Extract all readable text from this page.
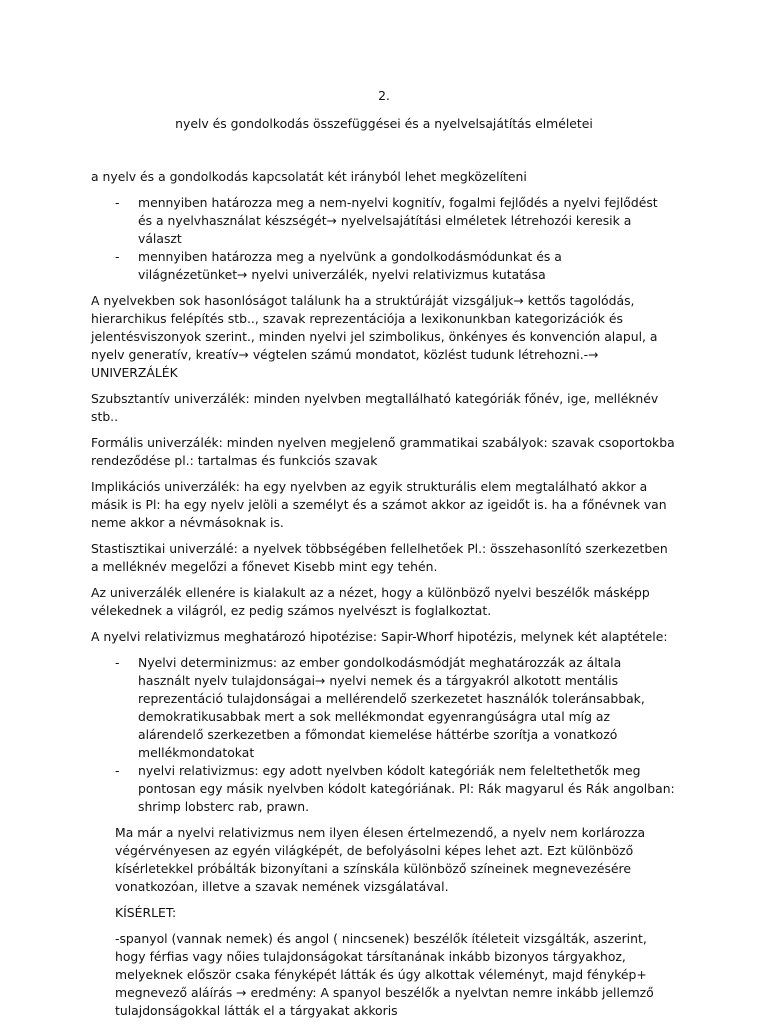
2.
nyelv és gondolkodás összefüggései és a nyelvelsajátítás elméletei

a nyelv és a gondolkodás kapcsolatát két irányból lehet megközelíteni

- mennyiben határozza meg a nem-nyelvi kognitív, fogalmi fejlődés a nyelvi fejlődést és a nyelvhasználat készségét→ nyelvelsajátítási elméletek létrehozói keresik a választ
- mennyiben határozza meg a nyelvünk a gondolkodásmódunkat és a világnézetünket→ nyelvi univerzálék, nyelvi relativizmus kutatása

A nyelvekben sok hasonlóságot találunk ha a struktúráját vizsgáljuk→ kettős tagolódás, hierarchikus felépítés stb.., szavak reprezentációja a lexikonunkban kategorizációk és jelentésviszonyok szerint., minden nyelvi jel szimbolikus, önkényes és konvención alapul, a nyelv generatív, kreatív→ végtelen számú mondatot, közlést tudunk létrehozni.-→ UNIVERZÁLÉK

Szubsztantív univerzálék: minden nyelvben megtallálható kategóriák főnév, ige, melléknév stb..

Formális univerzálék: minden nyelven megjelenő grammatikai szabályok: szavak csoportokba rendeződése pl.: tartalmas és funkciós szavak

Implikációs univerzálék: ha egy nyelvben az egyik strukturális elem megtalálható akkor a másik is Pl: ha egy nyelv jelöli a személyt és a számot akkor az igeidőt is. ha a főnévnek van neme akkor a névmásoknak is.

Stastisztikai univerzálé: a nyelvek többségében fellelhetőek Pl.: összehasonlító szerkezetben a melléknév megelőzi a főnevet Kisebb mint egy tehén.

Az univerzálék ellenére is kialakult az a nézet, hogy a különböző nyelvi beszélők másképp vélekednek a világról, ez pedig számos nyelvészt is foglalkoztat.

A nyelvi relativizmus meghatározó hipotézise: Sapir-Whorf hipotézis, melynek két alaptétele:

- Nyelvi determinizmus: az ember gondolkodásmódját meghatározzák az általa használt nyelv tulajdonságai→ nyelvi nemek és a tárgyakról alkotott mentális reprezentáció tulajdonságai a mellérendelő szerkezetet használók toleránsabbak, demokratikusabbak mert a sok mellékmondat egyenrangúságra utal míg az alárendelő szerkezetben a főmondat kiemelése háttérbe szorítja a vonatkozó mellékmondatokat
- nyelvi relativizmus: egy adott nyelvben kódolt kategóriák nem feleltethetők meg pontosan egy másik nyelvben kódolt kategóriának. Pl: Rák magyarul és Rák angolban: shrimp lobsterc rab, prawn.

Ma már a nyelvi relativizmus nem ilyen élesen értelmezendő, a nyelv nem korlározza végérvényesen az egyén világképét, de befolyásolni képes lehet azt. Ezt különböző kísérletekkel próbálták bizonyítani a színskála különböző színeinek megnevezésére vonatkozóan, illetve a szavak nemének vizsgálatával.

KÍSÉRLET:

-spanyol (vannak nemek) és angol ( nincsenek) beszélők ítéleteit vizsgálták, aszerint, hogy férfias vagy nőies tulajdonságokat társítanának inkább bizonyos tárgyakhoz, melyeknek először csaka fényképét látták és úgy alkottak véleményt, majd fénykép+ megnevező aláírás → eredmény: A spanyol beszélők a nyelvtan nemre inkább jellemző tulajdonságokkal látták el a tárgyakat akkoris
